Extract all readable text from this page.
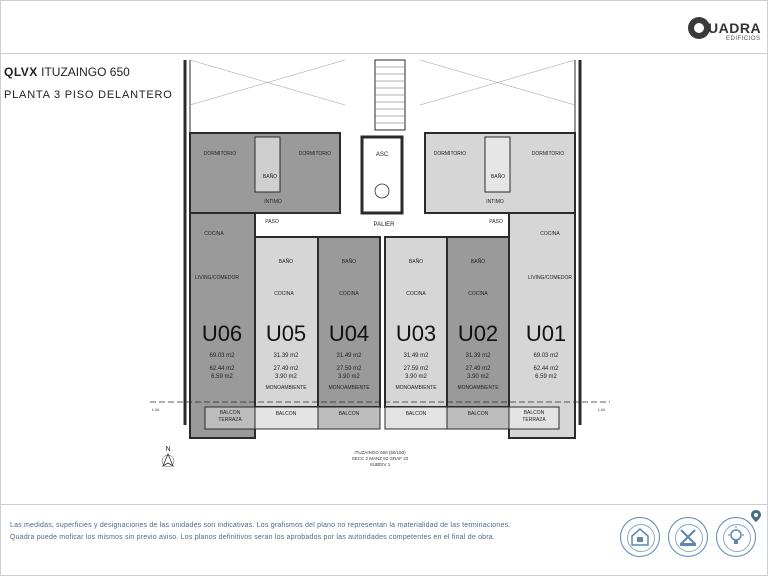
UADRA
EDIFICIOS
QLVX ITUZAINGO 650
PLANTA 3 PISO DELANTERO
ASC
PALIER
L.M.	L.M.
N
DORMITORIO	DORMITORIO
BAÑO
INTIMO
PASO
COCINA
LIVING/COMEDOR
U06
69.03 m2
62.44 m2
6.59 m2
BALCON
TERRAZA
BAÑO
COCINA
MONOAMBIENTE
U05
31.39 m2
27.49 m2
3.90 m2
BALCON
BAÑO
COCINA
MONOAMBIENTE
U04
31.49 m2
27.59 m2
3.90 m2
BALCON
BAÑO
COCINA
MONOAMBIENTE
U03
31.49 m2
27.59 m2
3.90 m2
BALCON
BAÑO
COCINA
MONOAMBIENTE
U02
31.39 m2
27.49 m2
3.90 m2
BALCON
DORMITORIO	DORMITORIO
BAÑO
INTIMO
PASO
COCINA
LIVING/COMEDOR
U01
69.03 m2
62.44 m2
6.59 m2
BALCON
TERRAZA
ITUZAINGO 650 (50/150)
SECC 2 MANZ 62 GRAF 22
SUBDIV 1
Las medidas, superficies y designaciones de las unidades son indicativas. Los grafismos del plano no representan la materialidad de las terminaciones.
Quadra puede moficar los mismos sin previo aviso. Los planos definitivos seran los aprobados por las autoridades competentes en el final de obra.
